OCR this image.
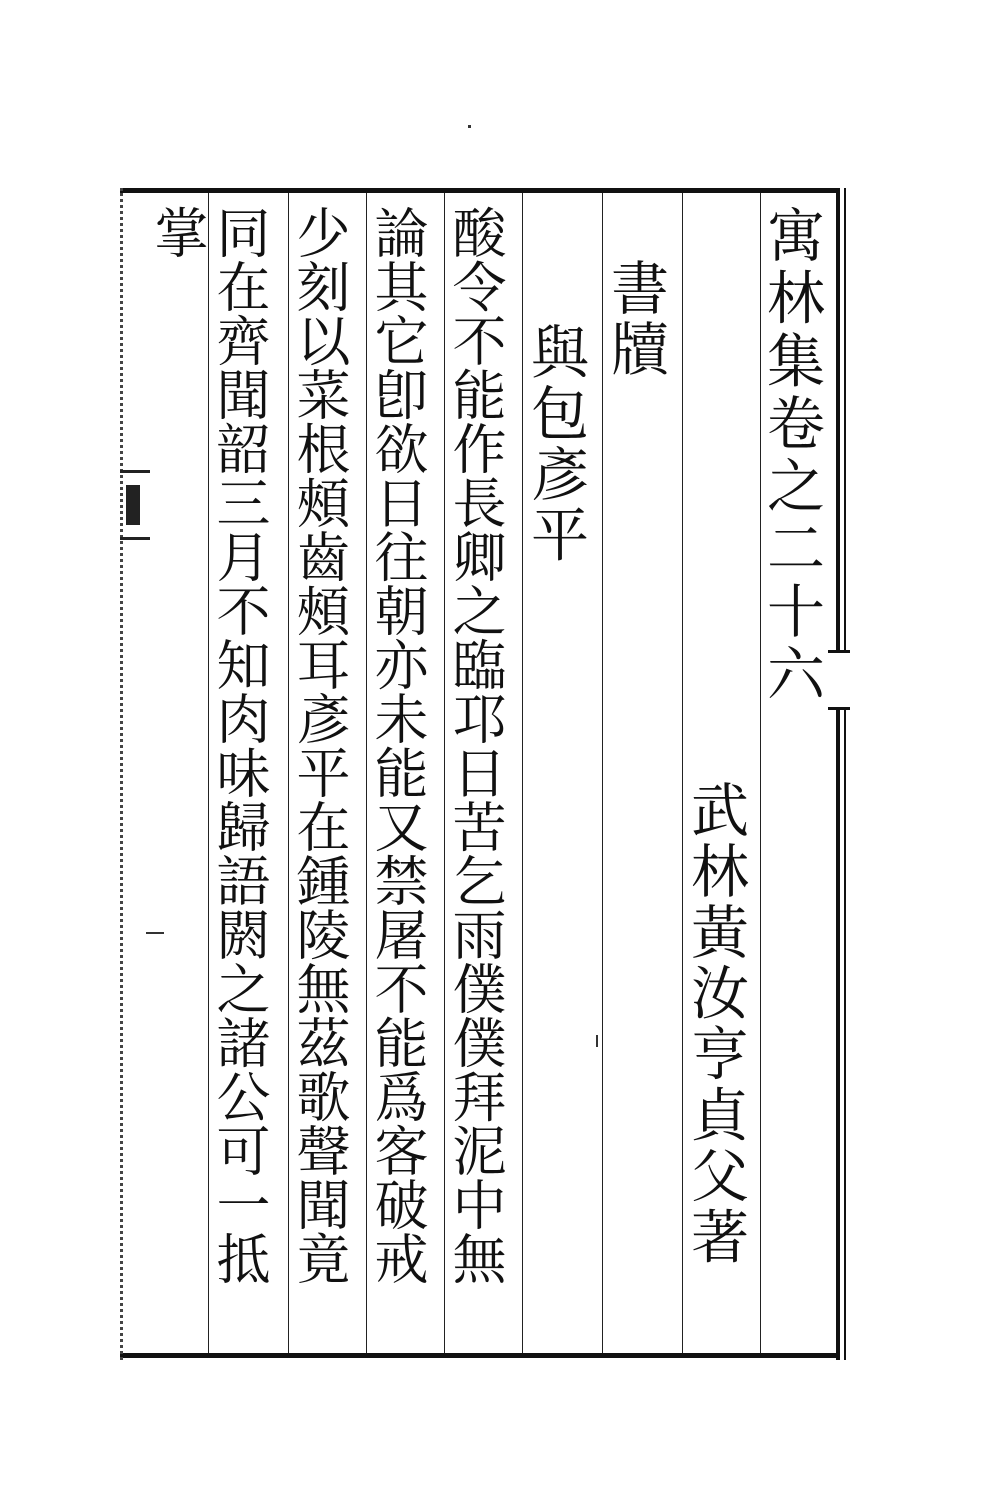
寓林集卷之二十六
武林黃汝亨貞父著
書牘
與包彥平
酸令不能作長卿之臨邛日苦乞雨僕僕拜泥中無
論其它卽欲日往朝亦未能又禁屠不能爲客破戒
少刻以菜根頰齒頰耳彥平在鍾陵無茲歌聲聞竟
同在齊聞韶三月不知肉味歸語閼之諸公可一抵
掌
